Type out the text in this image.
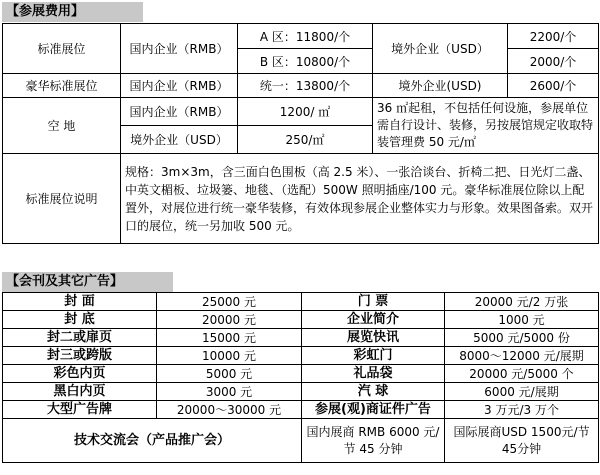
【参展费用】
标准展位	国内企业（RMB）	A 区：11800/个	境外企业（USD）	2200/个
		B 区：10800/个		2000/个
豪华标准展位	国内企业（RMB）	统一：13800/个	境外企业(USD)	2600/个
空 地	国内企业（RMB）	1200/ ㎡	36 ㎡起租，不包括任何设施，参展单位需自行设计、装修，另按展馆规定收取特装管理费 50 元/㎡	
	境外企业（USD）	250/㎡		
标准展位说明	规格：3m×3m，含三面白色围板（高 2.5 米）、一张洽谈台、折椅二把、日光灯二盏、中英文楣板、垃圾篓、地毯、（选配）500W 照明插座/100 元。豪华标准展位除以上配置外，对展位进行统一豪华装修，有效体现参展企业整体实力与形象。效果图备索。双开口的展位，统一另加收 500 元。			
【会刊及其它广告】
封 面	25000 元	门 票	20000 元/2 万张
封 底	20000 元	企业简介	1000 元
封二或扉页	15000 元	展览快讯	5000 元/5000 份
封三或跨版	10000 元	彩虹门	8000～12000 元/展期
彩色内页	5000 元	礼品袋	20000 元/5000 个
黑白内页	3000 元	汽 球	6000 元/展期
大型广告牌	20000～30000 元	参展(观)商证件广告	3 万元/3 万个
技术交流会（产品推广会）		国内展商 RMB 6000 元/节 45 分钟	国际展商USD 1500元/节 45分钟
